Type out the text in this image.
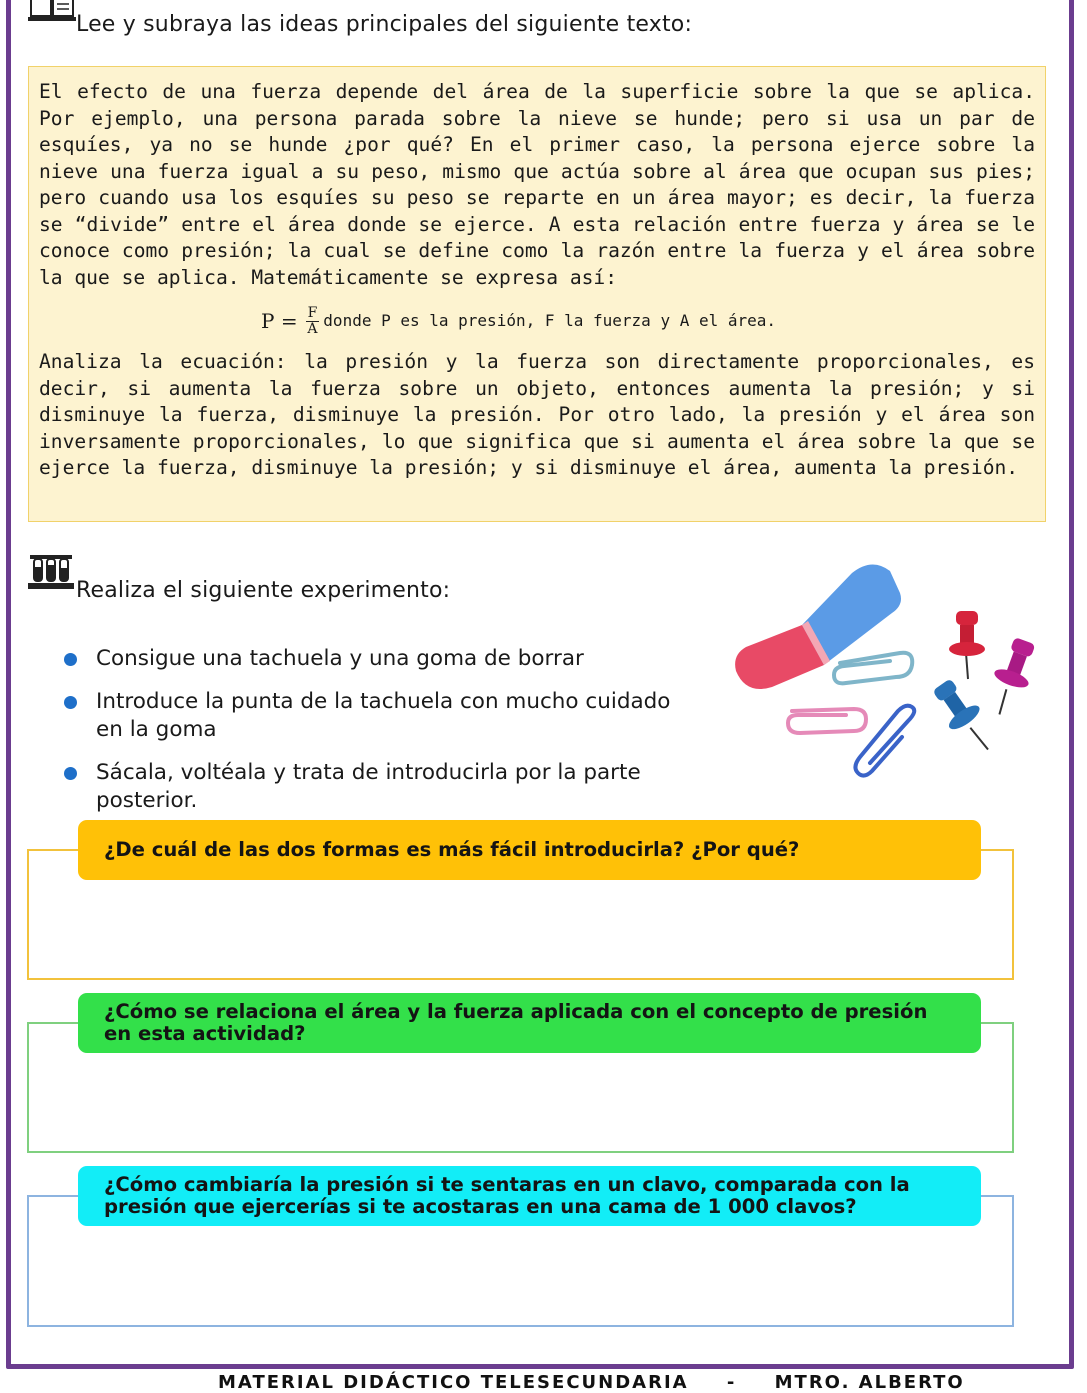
Lee y subraya las ideas principales del siguiente texto:

El efecto de una fuerza depende del área de la superficie sobre la que se aplica. Por ejemplo, una persona parada sobre la nieve se hunde; pero si usa un par de esquíes, ya no se hunde ¿por qué? En el primer caso, la persona ejerce sobre la nieve una fuerza igual a su peso, mismo que actúa sobre al área que ocupan sus pies; pero cuando usa los esquíes su peso se reparte en un área mayor; es decir, la fuerza se “divide” entre el área donde se ejerce. A esta relación entre fuerza y área se le conoce como presión; la cual se define como la razón entre la fuerza y el área sobre la que se aplica. Matemáticamente se expresa así:

$P = \frac{F}{A}$ donde P es la presión, F la fuerza y A el área.

Analiza la ecuación: la presión y la fuerza son directamente proporcionales, es decir, si aumenta la fuerza sobre un objeto, entonces aumenta la presión; y si disminuye la fuerza, disminuye la presión. Por otro lado, la presión y el área son inversamente proporcionales, lo que significa que si aumenta el área sobre la que se ejerce la fuerza, disminuye la presión; y si disminuye el área, aumenta la presión.

Realiza el siguiente experimento:
Consigue una tachuela y una goma de borrar
Introduce la punta de la tachuela con mucho cuidado en la goma
Sácala, voltéala y trata de introducirla por la parte posterior.
¿De cuál de las dos formas es más fácil introducirla? ¿Por qué?
¿Cómo se relaciona el área y la fuerza aplicada con el concepto de presión en esta actividad?
¿Cómo cambiaría la presión si te sentaras en un clavo, comparada con la presión que ejercerías si te acostaras en una cama de 1 000 clavos?
MATERIAL DIDÁCTICO TELESECUNDARIA - MTRO. ALBERTO
